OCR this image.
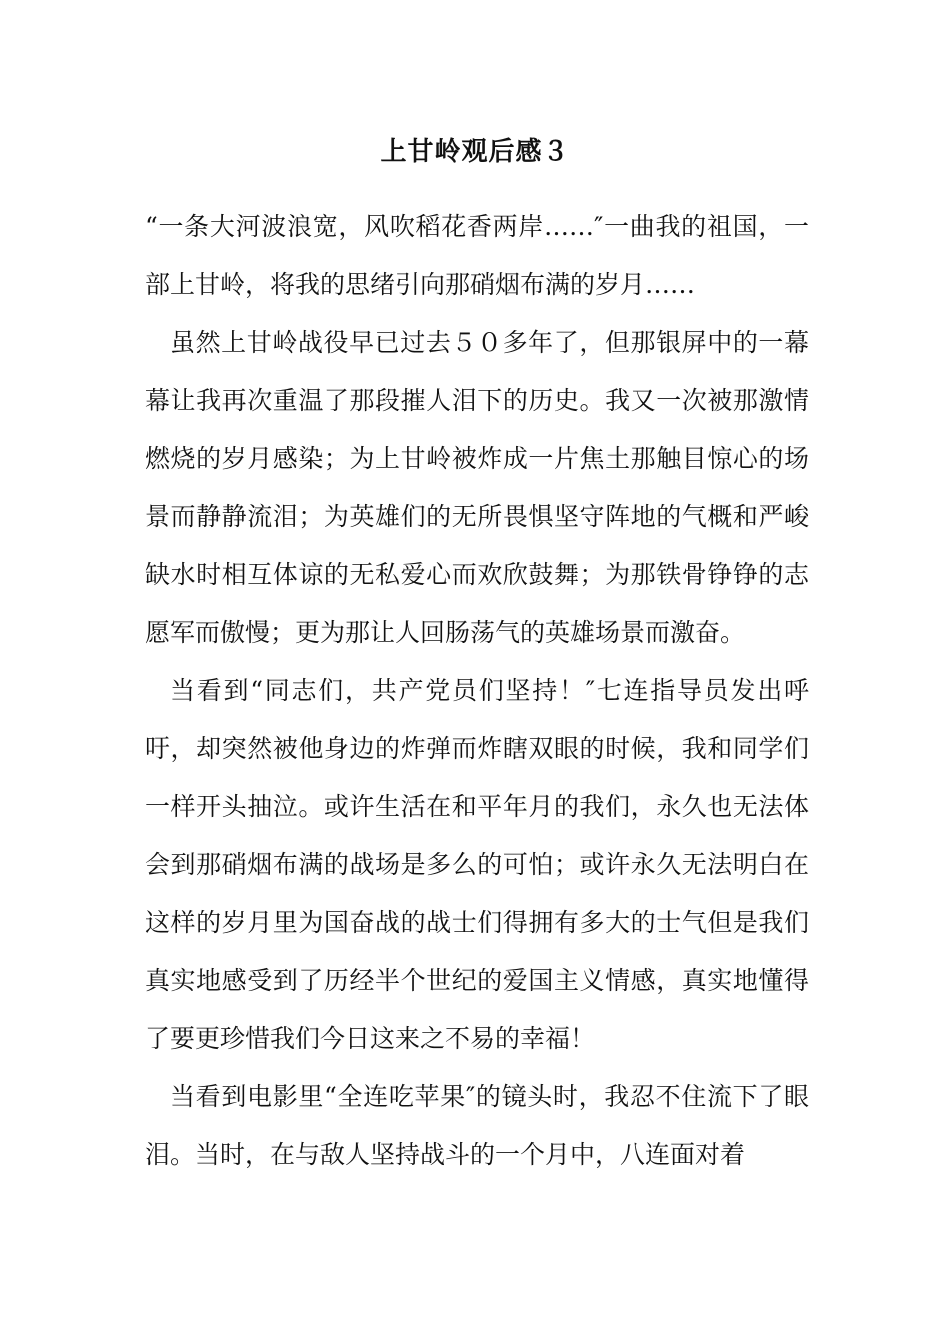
上甘岭观后感３

“一条大河波浪宽，风吹稻花香两岸……″一曲我的祖国，一部上甘岭，将我的思绪引向那硝烟布满的岁月……

虽然上甘岭战役早已过去５０多年了，但那银屏中的一幕幕让我再次重温了那段摧人泪下的历史。我又一次被那激情燃烧的岁月感染；为上甘岭被炸成一片焦土那触目惊心的场景而静静流泪；为英雄们的无所畏惧坚守阵地的气概和严峻缺水时相互体谅的无私爱心而欢欣鼓舞；为那铁骨铮铮的志愿军而傲慢；更为那让人回肠荡气的英雄场景而激奋。

当看到“同志们，共产党员们坚持！″七连指导员发出呼吁，却突然被他身边的炸弹而炸瞎双眼的时候，我和同学们一样开头抽泣。或许生活在和平年月的我们，永久也无法体会到那硝烟布满的战场是多么的可怕；或许永久无法明白在这样的岁月里为国奋战的战士们得拥有多大的士气但是我们真实地感受到了历经半个世纪的爱国主义情感，真实地懂得了要更珍惜我们今日这来之不易的幸福！

当看到电影里“全连吃苹果″的镜头时，我忍不住流下了眼泪。当时，在与敌人坚持战斗的一个月中，八连面对着
